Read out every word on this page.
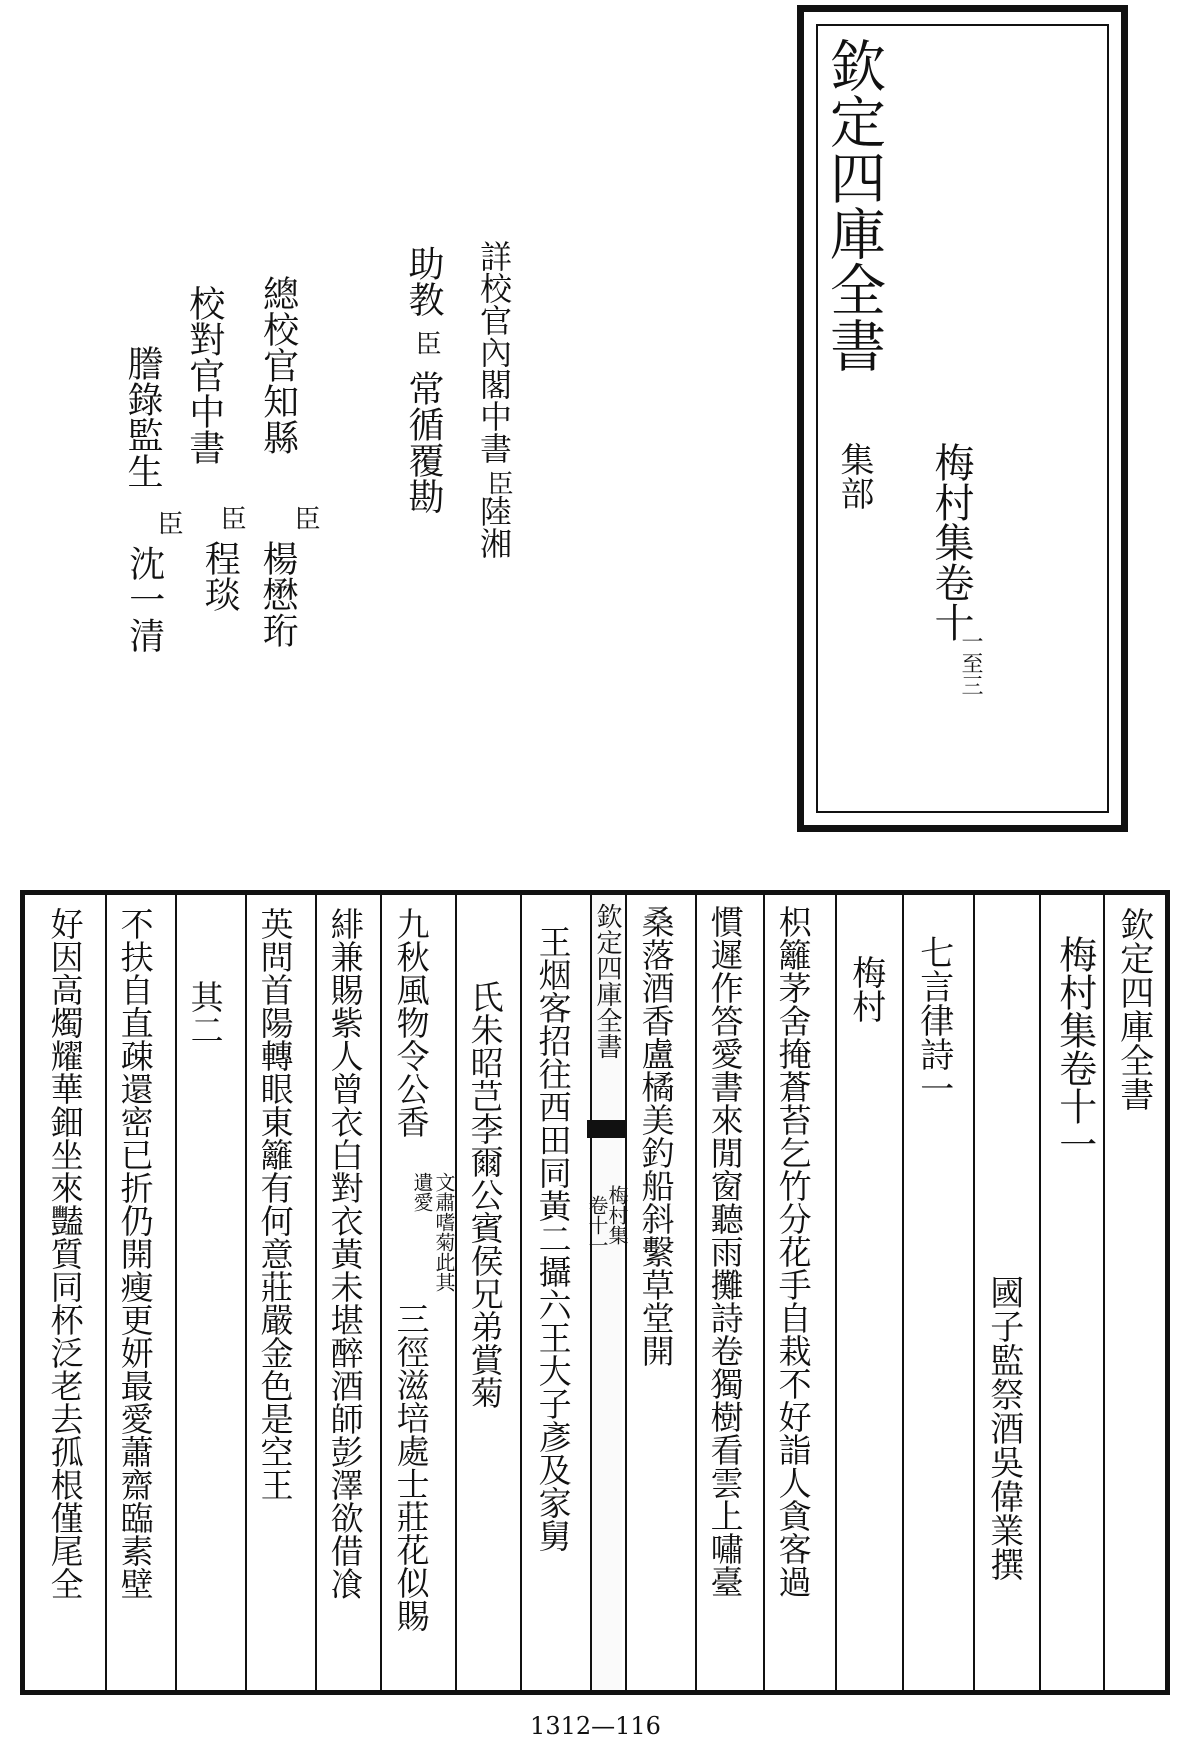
欽定四庫全書
集部 梅村集卷十
一至三
詳校官內閣中書
臣
陸湘
助教
臣
常循覆勘
總校官知縣
臣
楊懋珩
校對官中書
臣
程琰
謄錄監生
臣
沈一清
欽定四庫全書
梅村集卷十一
國子監祭酒吳偉業撰
七言律詩一
梅村
枳籬茅舍掩蒼苔乞竹分花手自栽不好詣人貪客過
慣遲作答愛書來閒窗聽雨攤詩卷獨樹看雲上嘯臺
桑落酒香盧橘美釣船斜繫草堂開
欽定四庫全書
梅村集
卷十一
王烟客招往西田同黃二攝六王大子彥及家舅
氏朱昭芑李爾公賓侯兄弟賞菊
九秋風物令公香
文肅嗜菊此其遺愛
三徑滋培處士莊花似賜
緋兼賜紫人曾衣白對衣黃未堪醉酒師彭澤欲借飡
英問首陽轉眼東籬有何意莊嚴金色是空王
其二
不扶自直疎還密已折仍開瘦更妍最愛蕭齋臨素壁
好因高燭耀華鈿坐來豔質同杯泛老去孤根僅尾全
1312—116
